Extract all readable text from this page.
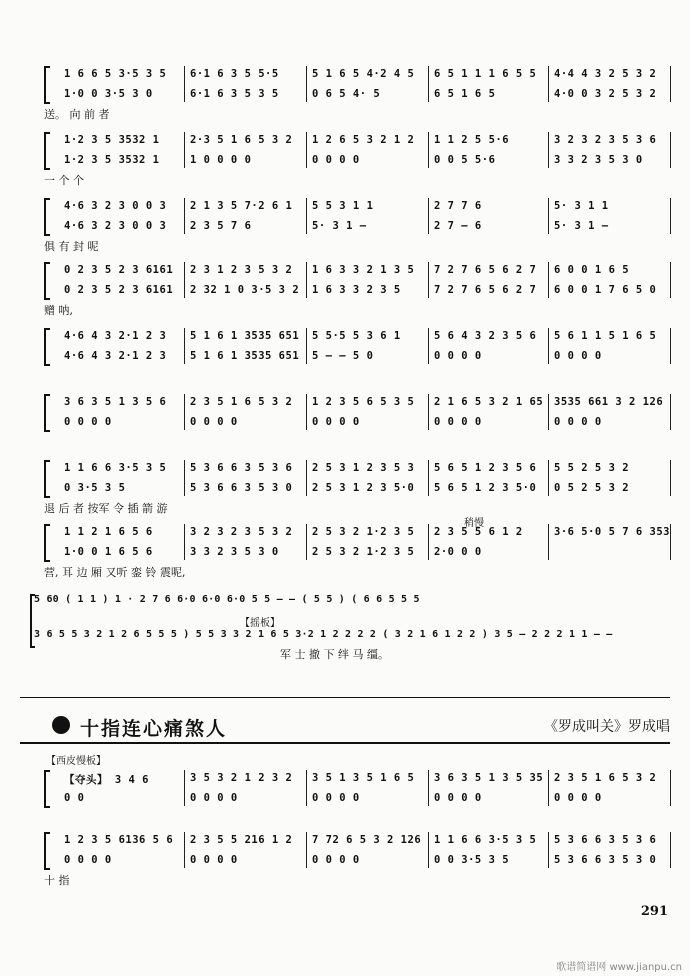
1 6 6 5 3·5 3 5	6·1 6 3 5 5·5	5 1 6 5 4·2 4 5	6 5 1 1 1 6 5 5	4·4 4 3 2 5 3 2
1·0 0 3·5 3 0	6·1 6 3 5 3 5	0 6 5 4· 5	6 5 1 6 5	4·0 0 3 2 5 3 2
送。 向 前 者
1·2 3 5 3532 1	2·3 5 1 6 5 3 2	1 2 6 5 3 2 1 2	1 1 2 5 5·6	3 2 3 2 3 5 3 6
1·2 3 5 3532 1	1 0 0 0 0	0 0 0 0	0 0 5 5·6	3 3 2 3 5 3 0
一 个 个
4·6 3 2 3 0 0 3	2 1 3 5 7·2 6 1	5 5 3 1 1	2 7 7 6	5· 3 1 1
4·6 3 2 3 0 0 3	2 3 5 7 6	5· 3 1 –	2 7 – 6	5· 3 1 –
俱 有 封 呢
0 2 3 5 2 3 6161	2 3 1 2 3 5 3 2	1 6 3 3 2 1 3 5	7 2 7 6 5 6 2 7	6 0 0 1 6 5
0 2 3 5 2 3 6161	2 32 1 0 3·5 3 2	1 6 3 3 2 3 5	7 2 7 6 5 6 2 7	6 0 0 1 7 6 5 0
赠 呐,
4·6 4 3 2·1 2 3	5 1 6 1 3535 651	5 5·5 5 3 6 1	5 6 4 3 2 3 5 6	5 6 1 1 5 1 6 5
4·6 4 3 2·1 2 3	5 1 6 1 3535 651	5 – – 5 0	0 0 0 0	0 0 0 0
3 6 3 5 1 3 5 6	2 3 5 1 6 5 3 2	1 2 3 5 6 5 3 5	2 1 6 5 3 2 1 65	3535 661 3 2 126
0 0 0 0	0 0 0 0	0 0 0 0	0 0 0 0	0 0 0 0
1 1 6 6 3·5 3 5	5 3 6 6 3 5 3 6	2 5 3 1 2 3 5 3	5 6 5 1 2 3 5 6	5 5 2 5 3 2
0 3·5 3 5	5 3 6 6 3 5 3 0	2 5 3 1 2 3 5·0	5 6 5 1 2 3 5·0	0 5 2 5 3 2
退 后 者 按军 令 插 箭 游
1 1 2 1 6 5 6	3 2 3 2 3 5 3 2	2 5 3 2 1·2 3 5	2 3 5 5 6 1 2	3·6 5·0 5 7 6 353
1·0 0 1 6 5 6	3 3 2 3 5 3 0	2 5 3 2 1·2 3 5	2·0 0 0
营, 耳 边 厢 又听 銮 铃 震呢,
稍慢
5 60 ( 1 1 ) 1 · 2 7 6 6·0 6·0 6·0 5 5 – – ( 5 5 ) ( 6 6 5 5 5
【摇板】
3 6 5 5 3 2 1 2 6 5 5 5 ) 5 5 3 3 2 1 6 5 3·2 1 2 2 2 2 ( 3 2 1 6 1 2 2 ) 3 5 – 2 2 2 1 1 – –
军 士 撤 下 绊 马 缰。
十指连心痛煞人	《罗成叫关》罗成唱
【西皮慢板】
【夺头】 3 4 6	3 5 3 2 1 2 3 2	3 5 1 3 5 1 6 5	3 6 3 5 1 3 5 35	2 3 5 1 6 5 3 2
0 0	0 0 0 0	0 0 0 0	0 0 0 0	0 0 0 0
1 2 3 5 6136 5 6	2 3 5 5 216 1 2	7 72 6 5 3 2 126	1 1 6 6 3·5 3 5	5 3 6 6 3 5 3 6
0 0 0 0	0 0 0 0	0 0 0 0	0 0 3·5 3 5	5 3 6 6 3 5 3 0
十 指
291
歌谱简谱网 www.jianpu.cn
